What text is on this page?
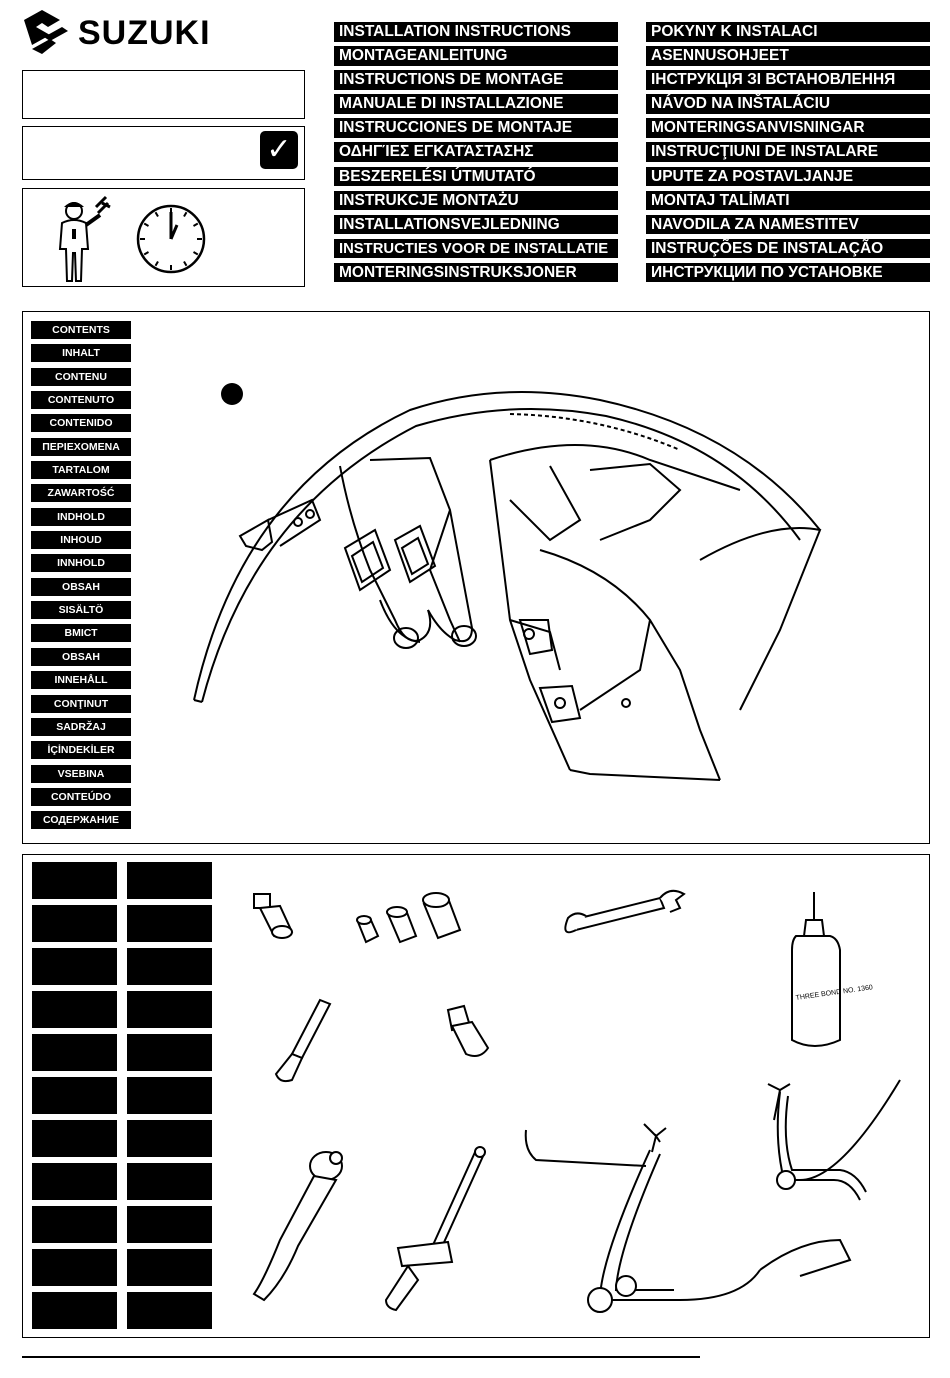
SUZUKI
✓
INSTALLATION INSTRUCTIONS
MONTAGEANLEITUNG
INSTRUCTIONS DE MONTAGE
MANUALE DI INSTALLAZIONE
INSTRUCCIONES DE MONTAJE
ΟΔΗΓΊΕΣ ΕΓΚΑΤΆΣΤΑΣΗΣ
BESZERELÉSI ÚTMUTATÓ
INSTRUKCJE MONTAŻU
INSTALLATIONSVEJLEDNING
INSTRUCTIES VOOR DE INSTALLATIE
MONTERINGSINSTRUKSJONER
POKYNY K INSTALACI
ASENNUSOHJEET
ІНСТРУКЦІЯ ЗІ ВСТАНОВЛЕННЯ
NÁVOD NA INŠTALÁCIU
MONTERINGSANVISNINGAR
INSTRUCŢIUNI DE INSTALARE
UPUTE ZA POSTAVLJANJE
MONTAJ TALİMATI
NAVODILA ZA NAMESTITEV
INSTRUÇÕES DE INSTALAÇÃO
ИНСТРУКЦИИ ПО УСТАНОВКЕ
CONTENTS
INHALT
CONTENU
CONTENUTO
CONTENIDO
ΠΕΡΙΕΧΟΜΕΝΑ
TARTALOM
ZAWARTOŚĆ
INDHOLD
INHOUD
INNHOLD
OBSAH
SISÄLTÖ
ВМІСТ
OBSAH
INNEHÅLL
CONŢINUT
SADRŽAJ
İÇİNDEKİLER
VSEBINA
CONTEÚDO
СОДЕРЖАНИЕ
THREE BOND NO. 1360
